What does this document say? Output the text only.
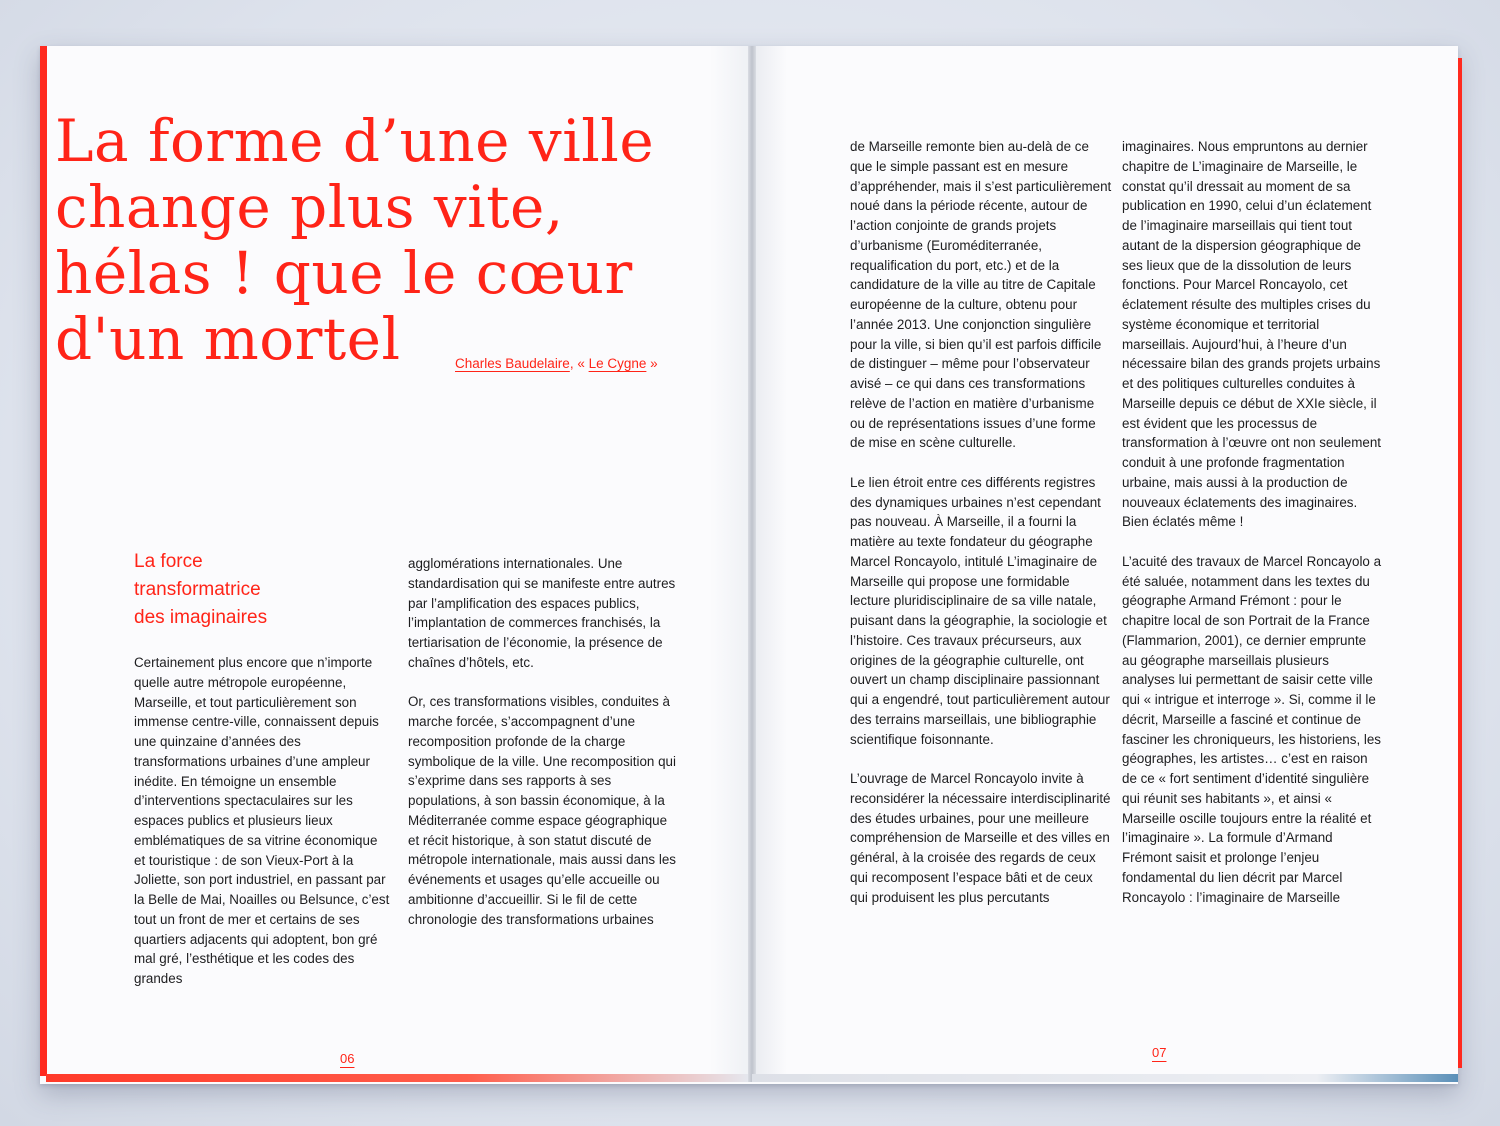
La forme d’une ville
change plus vite,
hélas ! que le cœur
d'un mortel	Charles Baudelaire, « Le Cygne »
La force
transformatrice
des imaginaires

Certainement plus encore que n’importe quelle autre métropole européenne, Marseille, et tout particulièrement son immense centre-ville, connaissent depuis une quinzaine d’années des transformations urbaines d’une ampleur inédite. En témoigne un ensemble d’interventions spectaculaires sur les espaces publics et plusieurs lieux emblématiques de sa vitrine économique et touristique : de son Vieux-Port à la Joliette, son port industriel, en passant par la Belle de Mai, Noailles ou Belsunce, c’est tout un front de mer et certains de ses quartiers adjacents qui adoptent, bon gré mal gré, l’esthétique et les codes des grandes

agglomérations internationales. Une standardisation qui se manifeste entre autres par l’amplification des espaces publics, l’implantation de commerces franchisés, la tertiarisation de l’économie, la présence de chaînes d’hôtels, etc.

Or, ces transformations visibles, conduites à marche forcée, s’accompagnent d’une recomposition profonde de la charge symbolique de la ville. Une recomposition qui s’exprime dans ses rapports à ses populations, à son bassin économique, à la Méditerranée comme espace géographique et récit historique, à son statut discuté de métropole internationale, mais aussi dans les événements et usages qu’elle accueille ou ambitionne d’accueillir. Si le fil de cette chronologie des transformations urbaines

06

de Marseille remonte bien au-delà de ce que le simple passant est en mesure d’appréhender, mais il s’est particulièrement noué dans la période récente, autour de l’action conjointe de grands projets d’urbanisme (Euroméditerranée, requalification du port, etc.) et de la candidature de la ville au titre de Capitale européenne de la culture, obtenu pour l’année 2013. Une conjonction singulière pour la ville, si bien qu’il est parfois difficile de distinguer – même pour l’observateur avisé – ce qui dans ces transformations relève de l’action en matière d’urbanisme ou de représentations issues d’une forme de mise en scène culturelle.

Le lien étroit entre ces différents registres des dynamiques urbaines n’est cependant pas nouveau. À Marseille, il a fourni la matière au texte fondateur du géographe Marcel Roncayolo, intitulé L’imaginaire de Marseille qui propose une formidable lecture pluridisciplinaire de sa ville natale, puisant dans la géographie, la sociologie et l’histoire. Ces travaux précurseurs, aux origines de la géographie culturelle, ont ouvert un champ disciplinaire passionnant qui a engendré, tout particulièrement autour des terrains marseillais, une bibliographie scientifique foisonnante.

L’ouvrage de Marcel Roncayolo invite à reconsidérer la nécessaire interdisciplinarité des études urbaines, pour une meilleure compréhension de Marseille et des villes en général, à la croisée des regards de ceux qui recomposent l’espace bâti et de ceux qui produisent les plus percutants

imaginaires. Nous empruntons au dernier chapitre de L’imaginaire de Marseille, le constat qu’il dressait au moment de sa publication en 1990, celui d’un éclatement de l’imaginaire marseillais qui tient tout autant de la dispersion géographique de ses lieux que de la dissolution de leurs fonctions. Pour Marcel Roncayolo, cet éclatement résulte des multiples crises du système économique et territorial marseillais. Aujourd’hui, à l’heure d’un nécessaire bilan des grands projets urbains et des politiques culturelles conduites à Marseille depuis ce début de XXIe siècle, il est évident que les processus de transformation à l’œuvre ont non seulement conduit à une profonde fragmentation urbaine, mais aussi à la production de nouveaux éclatements des imaginaires. Bien éclatés même !

L’acuité des travaux de Marcel Roncayolo a été saluée, notamment dans les textes du géographe Armand Frémont : pour le chapitre local de son Portrait de la France (Flammarion, 2001), ce dernier emprunte au géographe marseillais plusieurs analyses lui permettant de saisir cette ville qui « intrigue et interroge ». Si, comme il le décrit, Marseille a fasciné et continue de fasciner les chroniqueurs, les historiens, les géographes, les artistes… c’est en raison de ce « fort sentiment d’identité singulière qui réunit ses habitants », et ainsi « Marseille oscille toujours entre la réalité et l’imaginaire ». La formule d’Armand Frémont saisit et prolonge l’enjeu fondamental du lien décrit par Marcel Roncayolo : l’imaginaire de Marseille

07
